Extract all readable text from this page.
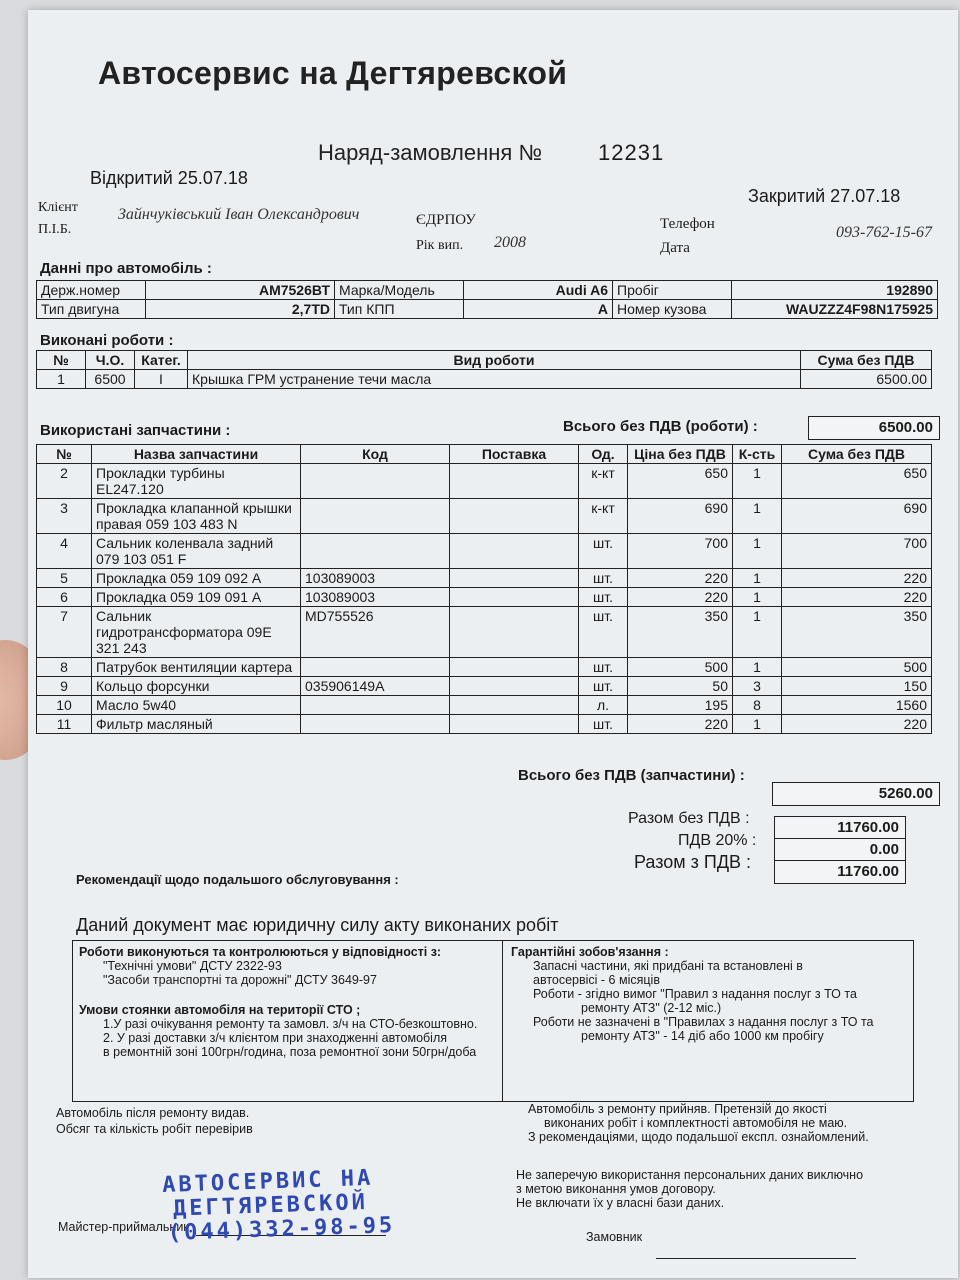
Автосервис на Дегтяревской
Наряд-замовлення №	12231
Відкритий 25.07.18
Закритий 27.07.18
Клієнт
П.І.Б.
Зайнчуківський Іван Олександрович	ЄДРПОУ
Рік вип. 2008
Телефон
Дата
093-762-15-67
Данні про автомобіль :
Держ.номер	АМ7526ВТ	Марка/Модель	Audi A6	Пробіг	192890
Тип двигуна	2,7TD	Тип КПП	A	Номер кузова	WAUZZZ4F98N175925
Виконані роботи :
№	Ч.О.	Катег.	Вид роботи	Сума без ПДВ
1	6500	I	Крышка ГРМ устранение течи масла	6500.00
Всього без ПДВ (роботи) :	6500.00
Використані запчастини :
№	Назва запчастини	Код	Поставка	Од.	Ціна без ПДВ	К-сть	Сума без ПДВ
2	Прокладки турбины EL247.120			к-кт	650	1	650
3	Прокладка клапанной крышки правая 059 103 483 N			к-кт	690	1	690
4	Сальник коленвала задний 079 103 051 F			шт.	700	1	700
5	Прокладка 059 109 092 A	103089003		шт.	220	1	220
6	Прокладка 059 109 091 A	103089003		шт.	220	1	220
7	Сальник гидротрансформатора 09E 321 243	MD755526		шт.	350	1	350
8	Патрубок вентиляции картера			шт.	500	1	500
9	Кольцо форсунки	035906149A		шт.	50	3	150
10	Масло 5w40			л.	195	8	1560
11	Фильтр масляный			шт.	220	1	220
Всього без ПДВ (запчастини) :
5260.00
Разом без ПДВ :
11760.00
ПДВ 20% :
0.00
Разом з ПДВ :	11760.00
Рекомендації щодо подальшого обслуговування :
Даний документ має юридичну силу акту виконаних робіт
Роботи виконуються та контролюються у відповідності з:
"Технічні умови" ДСТУ 2322-93
"Засоби транспортні та дорожні" ДСТУ 3649-97
Умови стоянки автомобіля на території СТО ;
1.У разі очікування ремонту та замовл. з/ч на СТО-безкоштовно.
2. У разі доставки з/ч клієнтом при знаходженні автомобіля
в ремонтній зоні 100грн/година, поза ремонтної зони 50грн/доба
Гарантійні зобов'язання :
Запасні частини, які придбані та встановлені в
автосервісі - 6 місяців
Роботи - згідно вимог "Правил з надання послуг з ТО та
ремонту АТЗ" (2-12 міс.)
Роботи не зазначені в "Правилах з надання послуг з ТО та
ремонту АТЗ" - 14 діб або 1000 км пробігу
Автомобіль після ремонту видав.
Обсяг та кількість робіт перевірив
Майстер-приймальник
Автомобіль з ремонту прийняв. Претензій до якості
виконаних робіт і комплектності автомобіля не маю.
З рекомендаціями, щодо подальшої експл. ознайомлений.
Не заперечую використання персональних даних виключно
з метою виконання умов договору.
Не включати їх у власні бази даних.
Замовник
АВТОСЕРВИС НА
ДЕГТЯРЕВСКОЙ
(044)332-98-95
